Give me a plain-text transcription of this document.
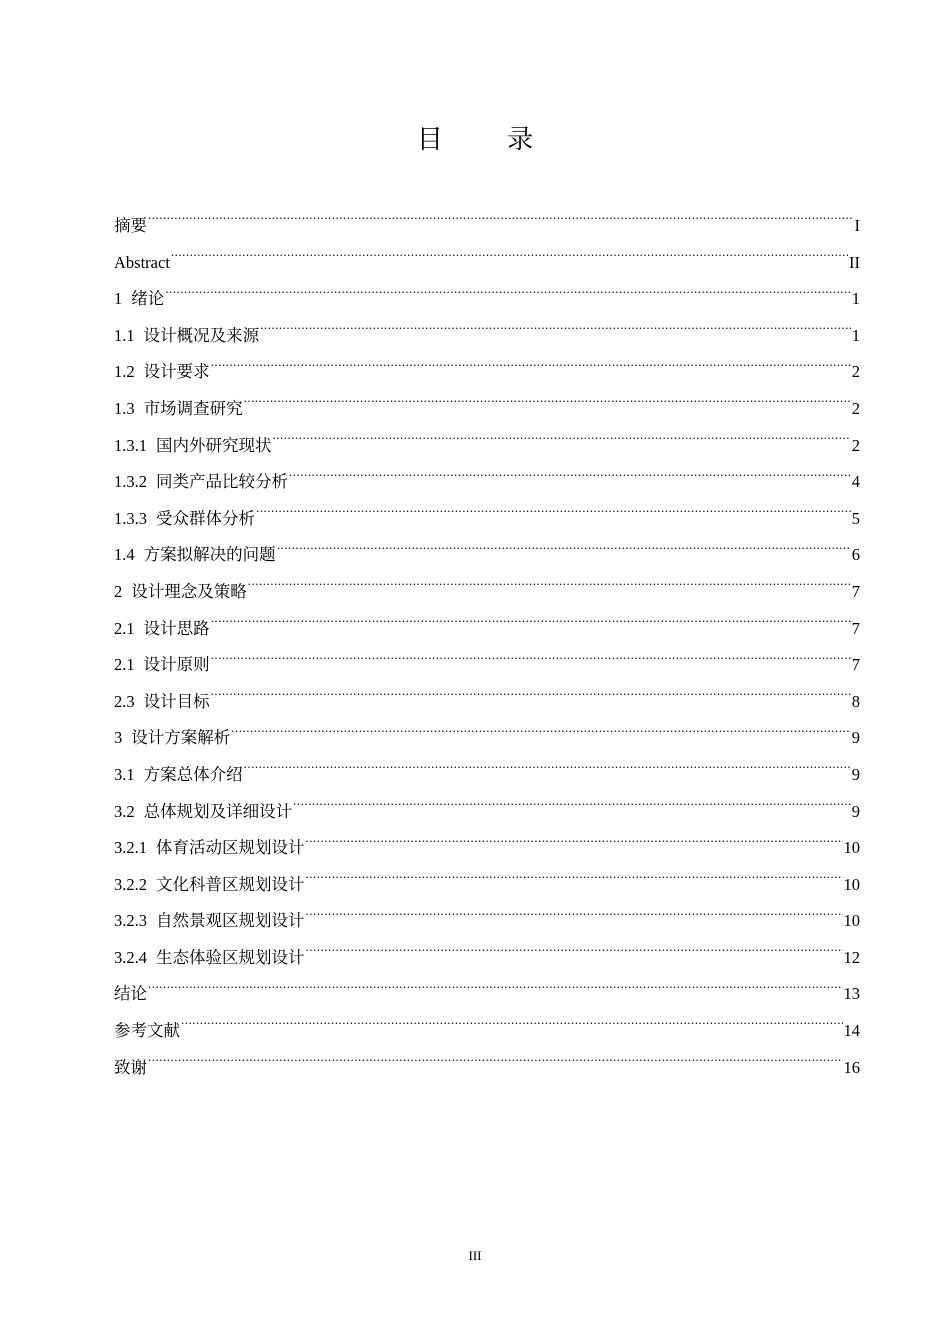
目 录
摘要 .....	I
Abstract .....	II
1 绪论 .....	1
1.1 设计概况及来源 .....	1
1.2 设计要求 .....	2
1.3 市场调查研究 .....	2
1.3.1 国内外研究现状 .....	2
1.3.2 同类产品比较分析 .....	4
1.3.3 受众群体分析 .....	5
1.4 方案拟解决的问题 .....	6
2 设计理念及策略 .....	7
2.1 设计思路 .....	7
2.1 设计原则 .....	7
2.3 设计目标 .....	8
3 设计方案解析 .....	9
3.1 方案总体介绍 .....	9
3.2 总体规划及详细设计 .....	9
3.2.1 体育活动区规划设计 .....	10
3.2.2 文化科普区规划设计 .....	10
3.2.3 自然景观区规划设计 .....	10
3.2.4 生态体验区规划设计 .....	12
结论 .....	13
参考文献 .....	14
致谢 .....	16
III
